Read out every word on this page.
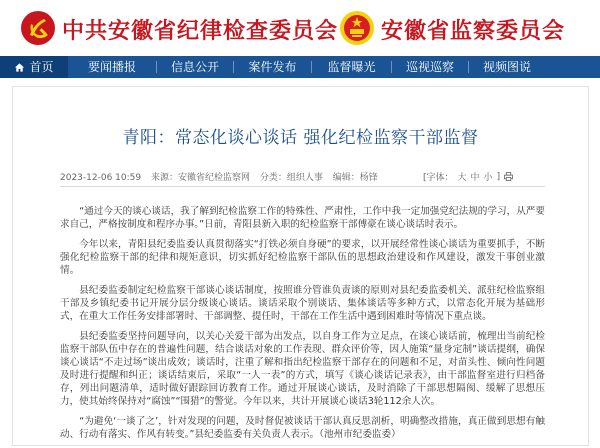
中共安徽省纪律检查委员会 安徽省监察委员会
首页	要闻播报	信息公开	案件发布	监督曝光	巡视巡察	视频图说
青阳：常态化谈心谈话 强化纪检监察干部监督
2023-12-06 10:59 来源：安徽省纪检监察网 分类：组织人事 编辑：杨锋	[字体： 大 中 小 ]

“通过今天的谈心谈话，我了解到纪检监察工作的特殊性、严肃性，工作中我一定加强党纪法规的学习，从严要求自己，严格按制度和程序办事。”日前，青阳县新入职的纪检监察干部傅豪在谈心谈话时表示。

今年以来，青阳县纪委监委认真贯彻落实“打铁必须自身硬”的要求，以开展经常性谈心谈话为重要抓手，不断强化纪检监察干部的纪律和规矩意识，切实抓好纪检监察干部队伍的思想政治建设和作风建设，激发干事创业激情。

县纪委监委制定纪检监察干部谈心谈话制度，按照谁分管谁负责谈的原则对县纪委监委机关、派驻纪检监察组干部及乡镇纪委书记开展分层分级谈心谈话。谈话采取个别谈话、集体谈话等多种方式，以常态化开展为基础形式，在重大工作任务安排部署时、干部调整、提任时，干部在工作生活中遇到困难时等情况下重点谈。

县纪委监委坚持问题导向，以关心关爱干部为出发点，以自身工作为立足点，在谈心谈话前，梳理出当前纪检监察干部队伍中存在的普遍性问题，结合谈话对象的工作表现、群众评价等，因人施策“量身定制”谈话提纲，确保谈心谈话“不走过场”谈出成效；谈话时，注重了解和指出纪检监察干部存在的问题和不足，对苗头性、倾向性问题及时进行提醒和纠正；谈话结束后，采取“一人一表”的方式，填写《谈心谈话记录表》，由干部监督室进行归档备存，列出问题清单，适时做好跟踪回访教育工作。通过开展谈心谈话，及时消除了干部思想隔阂、缓解了思想压力，使其始终保持对“腐蚀”“围猎”的警觉。今年以来，共计开展谈心谈话3轮112余人次。

“为避免‘一谈了之’，针对发现的问题，及时督促被谈话干部认真反思剖析，明确整改措施，真正做到思想有触动、行动有落实、作风有转变。”县纪委监委有关负责人表示。（池州市纪委监委）
